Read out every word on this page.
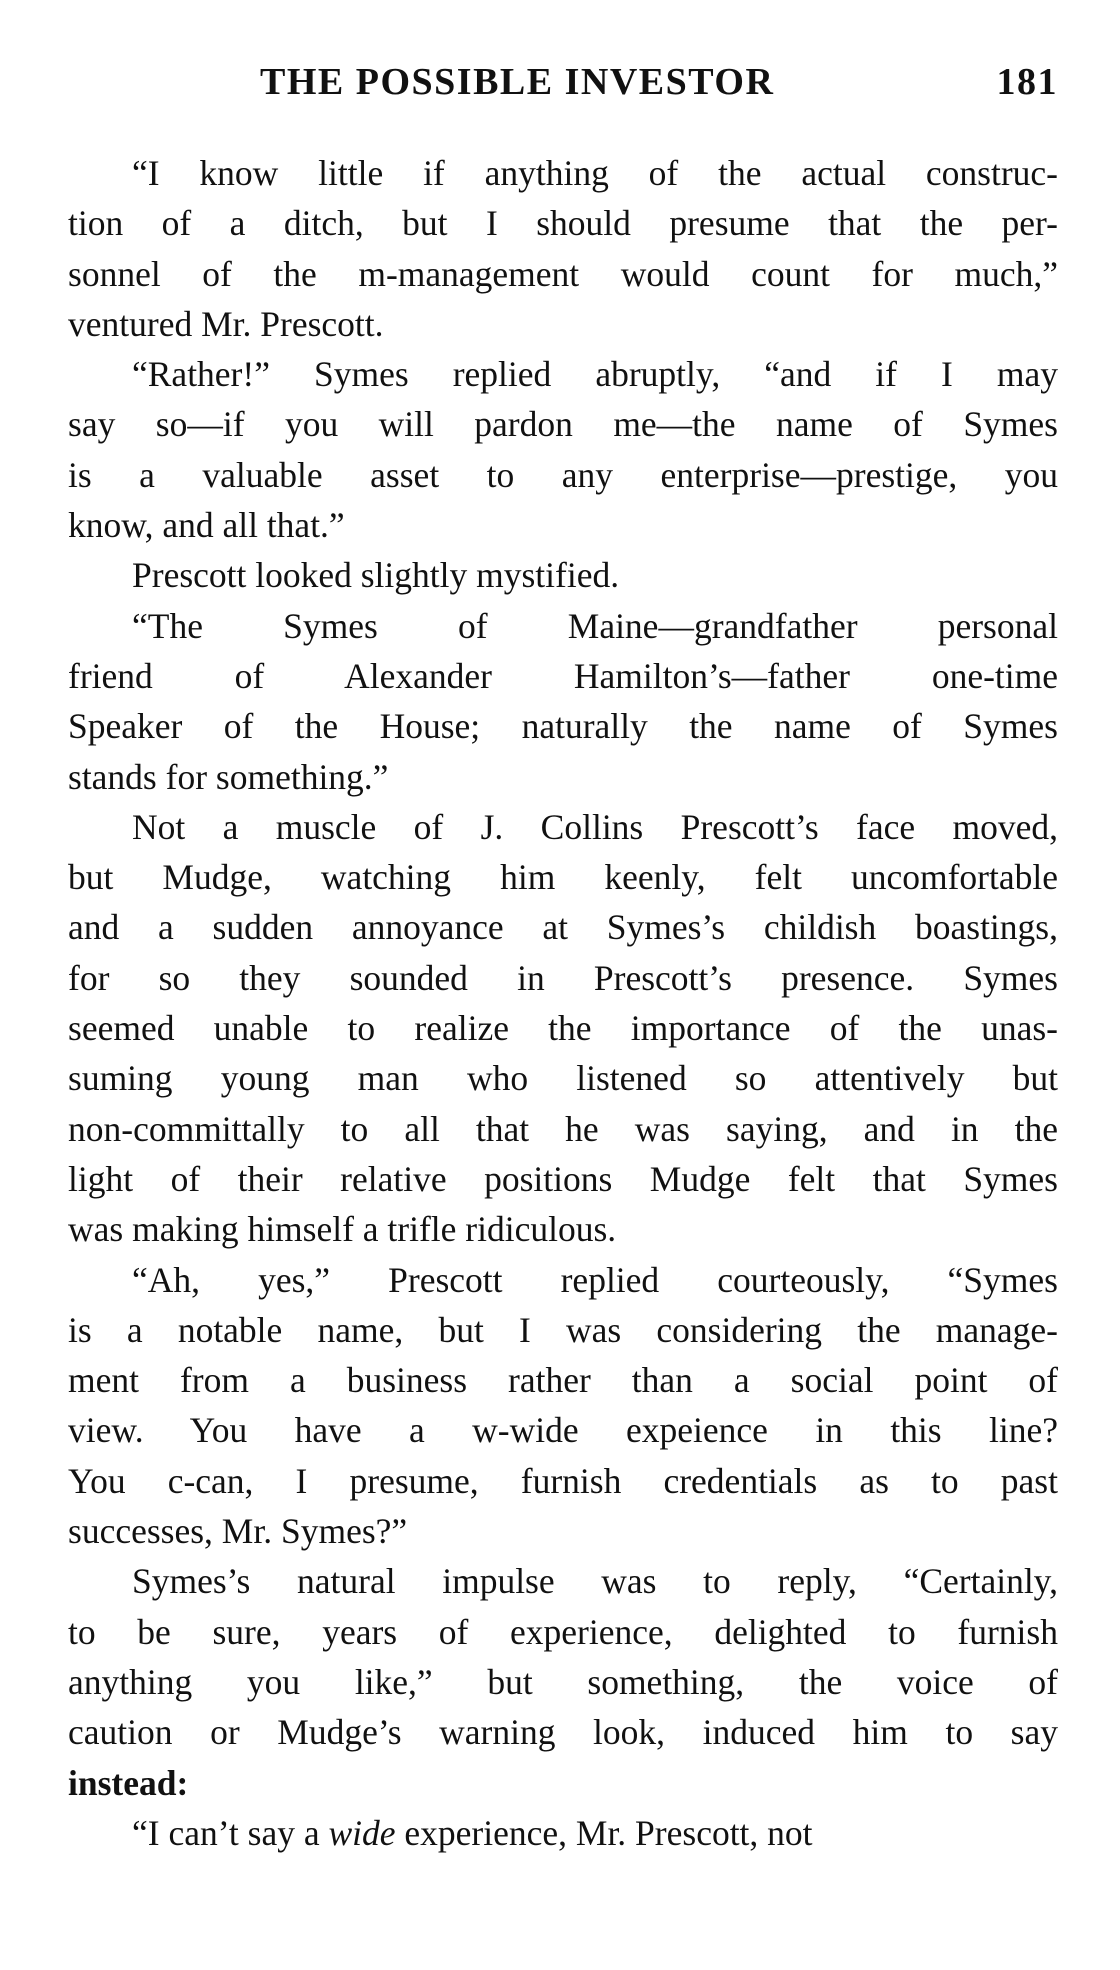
THE POSSIBLE INVESTOR	181
“I know little if anything of the actual construc-
tion of a ditch, but I should presume that the per-
sonnel of the m-management would count for much,”
ventured Mr. Prescott.
“Rather!” Symes replied abruptly, “and if I may
say so—if you will pardon me—the name of Symes
is a valuable asset to any enterprise—prestige, you
know, and all that.”
Prescott looked slightly mystified.
“The Symes of Maine—grandfather personal
friend of Alexander Hamilton’s—father one-time
Speaker of the House; naturally the name of Symes
stands for something.”
Not a muscle of J. Collins Prescott’s face moved,
but Mudge, watching him keenly, felt uncomfortable
and a sudden annoyance at Symes’s childish boastings,
for so they sounded in Prescott’s presence. Symes
seemed unable to realize the importance of the unas-
suming young man who listened so attentively but
non-committally to all that he was saying, and in the
light of their relative positions Mudge felt that Symes
was making himself a trifle ridiculous.
“Ah, yes,” Prescott replied courteously, “Symes
is a notable name, but I was considering the manage-
ment from a business rather than a social point of
view. You have a w-wide expeience in this line?
You c-can, I presume, furnish credentials as to past
successes, Mr. Symes?”
Symes’s natural impulse was to reply, “Certainly,
to be sure, years of experience, delighted to furnish
anything you like,” but something, the voice of
caution or Mudge’s warning look, induced him to say
instead:
“I can’t say a wide experience, Mr. Prescott, not
